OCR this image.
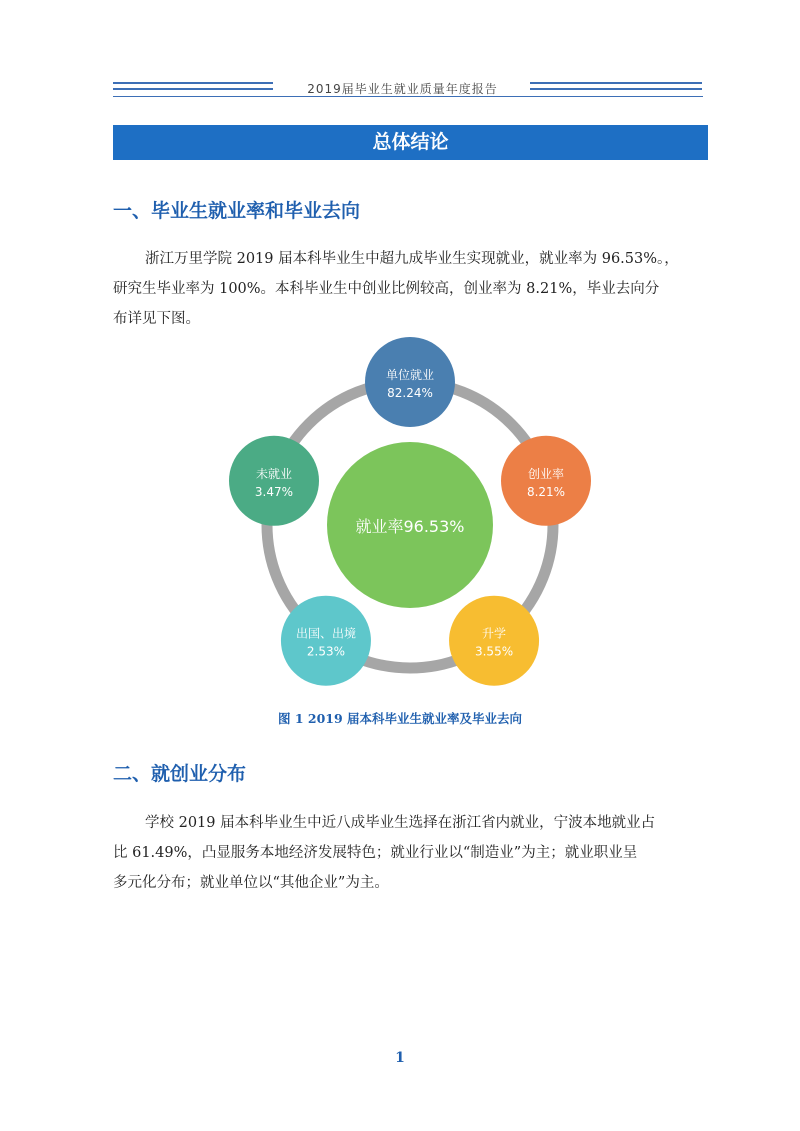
2019届毕业生就业质量年度报告
总体结论
一、毕业生就业率和毕业去向
浙江万里学院 2019 届本科毕业生中超九成毕业生实现就业，就业率为 96.53%。，
研究生毕业率为 100%。本科毕业生中创业比例较高，创业率为 8.21%，毕业去向分
布详见下图。
就业率96.53%
单位就业
82.24%
创业率
8.21%
升学
3.55%
出国、出境
2.53%
未就业
3.47%
图 1 2019 届本科毕业生就业率及毕业去向
二、就创业分布
学校 2019 届本科毕业生中近八成毕业生选择在浙江省内就业，宁波本地就业占
比 61.49%，凸显服务本地经济发展特色；就业行业以“制造业”为主；就业职业呈
多元化分布；就业单位以“其他企业”为主。
1
